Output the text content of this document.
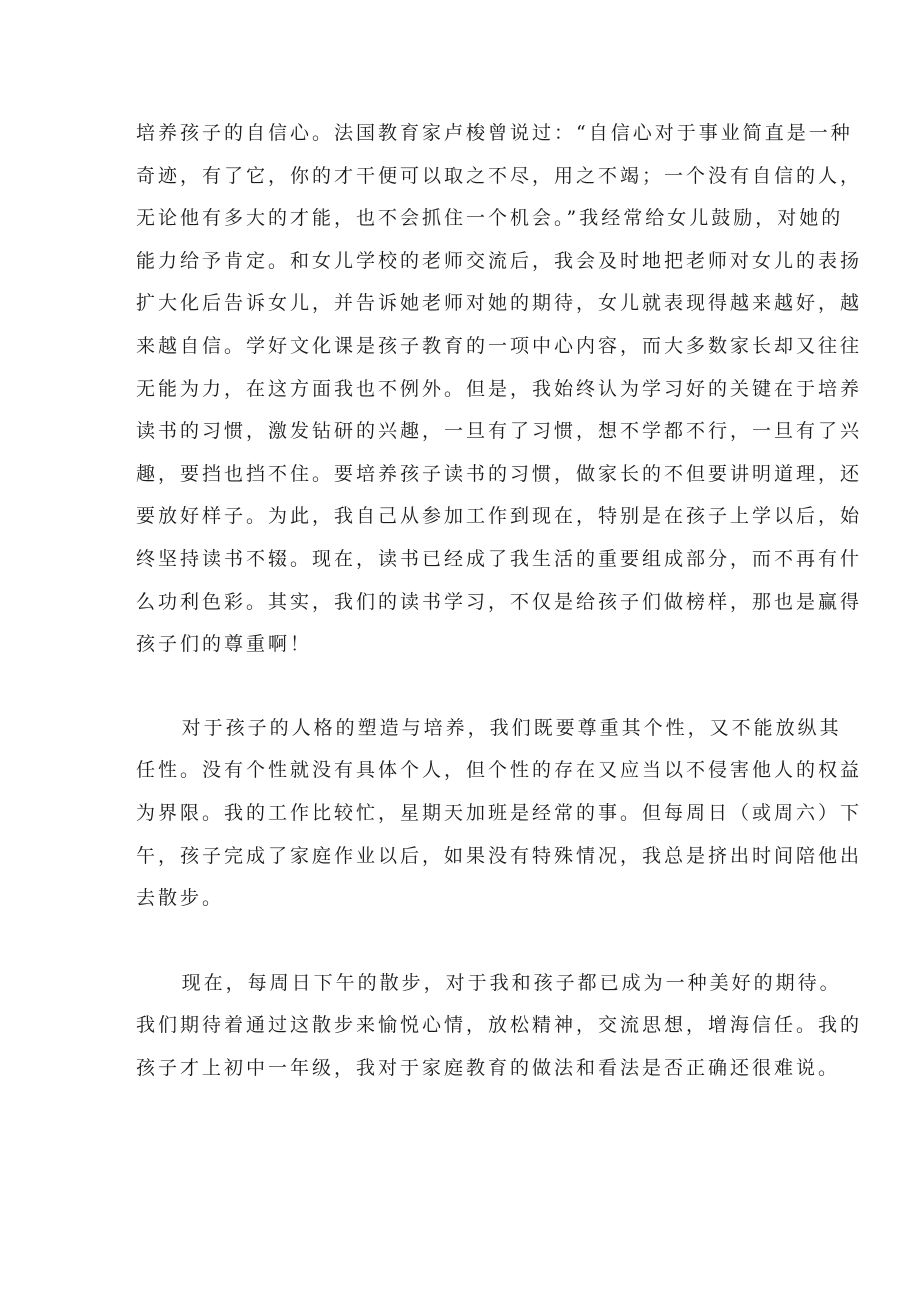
培养孩子的自信心。法国教育家卢梭曾说过：“自信心对于事业简直是一种
奇迹，有了它，你的才干便可以取之不尽，用之不竭；一个没有自信的人，
无论他有多大的才能，也不会抓住一个机会。”我经常给女儿鼓励，对她的
能力给予肯定。和女儿学校的老师交流后，我会及时地把老师对女儿的表扬
扩大化后告诉女儿，并告诉她老师对她的期待，女儿就表现得越来越好，越
来越自信。学好文化课是孩子教育的一项中心内容，而大多数家长却又往往
无能为力，在这方面我也不例外。但是，我始终认为学习好的关键在于培养
读书的习惯，激发钻研的兴趣，一旦有了习惯，想不学都不行，一旦有了兴
趣，要挡也挡不住。要培养孩子读书的习惯，做家长的不但要讲明道理，还
要放好样子。为此，我自己从参加工作到现在，特别是在孩子上学以后，始
终坚持读书不辍。现在，读书已经成了我生活的重要组成部分，而不再有什
么功利色彩。其实，我们的读书学习，不仅是给孩子们做榜样，那也是赢得
孩子们的尊重啊！
对于孩子的人格的塑造与培养，我们既要尊重其个性，又不能放纵其
任性。没有个性就没有具体个人，但个性的存在又应当以不侵害他人的权益
为界限。我的工作比较忙，星期天加班是经常的事。但每周日（或周六）下
午，孩子完成了家庭作业以后，如果没有特殊情况，我总是挤出时间陪他出
去散步。
现在，每周日下午的散步，对于我和孩子都已成为一种美好的期待。
我们期待着通过这散步来愉悦心情，放松精神，交流思想，增海信任。我的
孩子才上初中一年级，我对于家庭教育的做法和看法是否正确还很难说。
